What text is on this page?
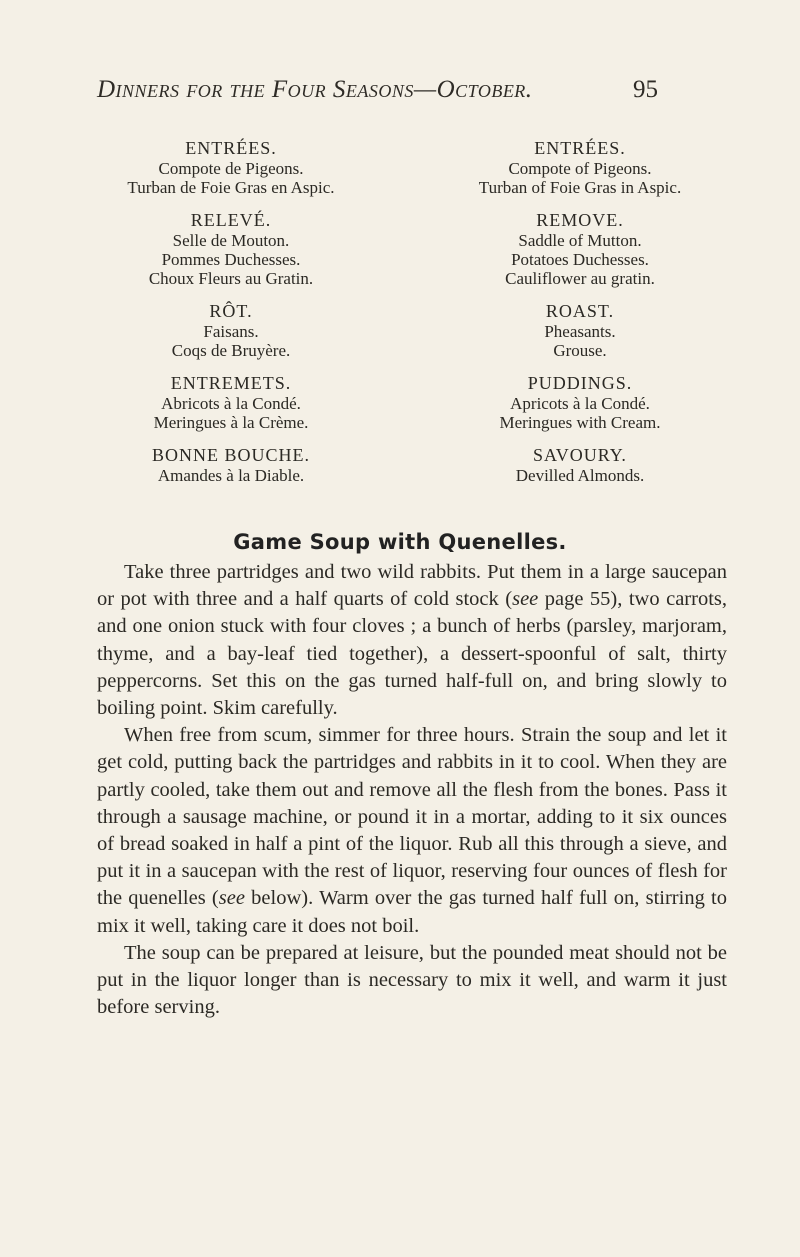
Dinners for the Four Seasons—October.	95
ENTRÉES.
Compote de Pigeons.
Turban de Foie Gras en Aspic.
RELEVÉ.
Selle de Mouton.
Pommes Duchesses.
Choux Fleurs au Gratin.
RÔT.
Faisans.
Coqs de Bruyère.
ENTREMETS.
Abricots à la Condé.
Meringues à la Crème.
BONNE BOUCHE.
Amandes à la Diable.
ENTRÉES.
Compote of Pigeons.
Turban of Foie Gras in Aspic.
REMOVE.
Saddle of Mutton.
Potatoes Duchesses.
Cauliflower au gratin.
ROAST.
Pheasants.
Grouse.
PUDDINGS.
Apricots à la Condé.
Meringues with Cream.
SAVOURY.
Devilled Almonds.
Game Soup with Quenelles.

Take three partridges and two wild rabbits. Put them in a large saucepan or pot with three and a half quarts of cold stock (see page 55), two carrots, and one onion stuck with four cloves ; a bunch of herbs (parsley, marjoram, thyme, and a bay-leaf tied together), a dessert-spoonful of salt, thirty peppercorns. Set this on the gas turned half-full on, and bring slowly to boiling point. Skim carefully.

When free from scum, simmer for three hours. Strain the soup and let it get cold, putting back the partridges and rabbits in it to cool. When they are partly cooled, take them out and remove all the flesh from the bones. Pass it through a sausage machine, or pound it in a mortar, adding to it six ounces of bread soaked in half a pint of the liquor. Rub all this through a sieve, and put it in a saucepan with the rest of liquor, reserving four ounces of flesh for the quenelles (see below). Warm over the gas turned half full on, stirring to mix it well, taking care it does not boil.

The soup can be prepared at leisure, but the pounded meat should not be put in the liquor longer than is necessary to mix it well, and warm it just before serving.
